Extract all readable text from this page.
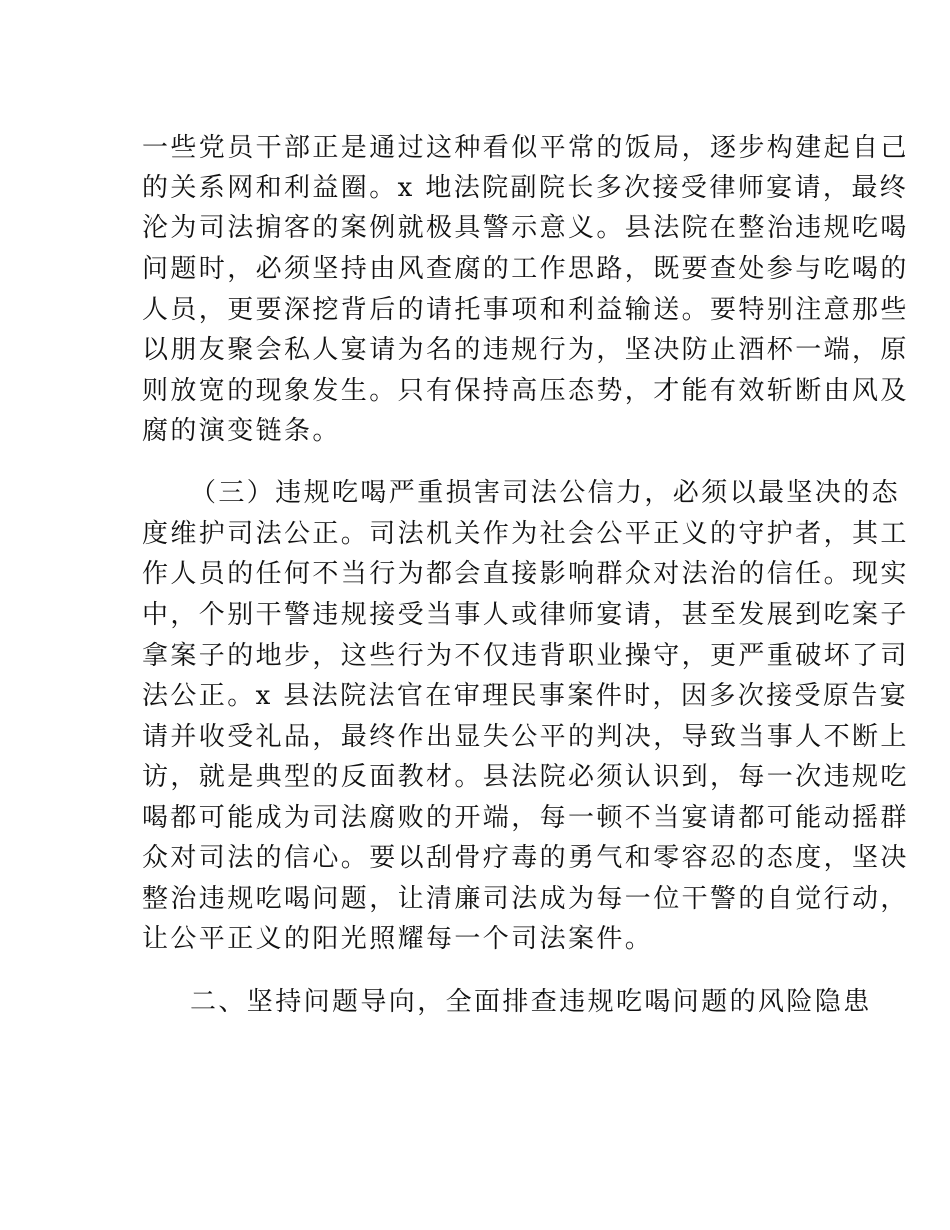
一些党员干部正是通过这种看似平常的饭局，逐步构建起自己
的关系网和利益圈。x 地法院副院长多次接受律师宴请，最终
沦为司法掮客的案例就极具警示意义。县法院在整治违规吃喝
问题时，必须坚持由风查腐的工作思路，既要查处参与吃喝的
人员，更要深挖背后的请托事项和利益输送。要特别注意那些
以朋友聚会私人宴请为名的违规行为，坚决防止酒杯一端，原
则放宽的现象发生。只有保持高压态势，才能有效斩断由风及
腐的演变链条。
（三）违规吃喝严重损害司法公信力，必须以最坚决的态
度维护司法公正。司法机关作为社会公平正义的守护者，其工
作人员的任何不当行为都会直接影响群众对法治的信任。现实
中，个别干警违规接受当事人或律师宴请，甚至发展到吃案子
拿案子的地步，这些行为不仅违背职业操守，更严重破坏了司
法公正。x 县法院法官在审理民事案件时，因多次接受原告宴
请并收受礼品，最终作出显失公平的判决，导致当事人不断上
访，就是典型的反面教材。县法院必须认识到，每一次违规吃
喝都可能成为司法腐败的开端，每一顿不当宴请都可能动摇群
众对司法的信心。要以刮骨疗毒的勇气和零容忍的态度，坚决
整治违规吃喝问题，让清廉司法成为每一位干警的自觉行动，
让公平正义的阳光照耀每一个司法案件。
二、坚持问题导向，全面排查违规吃喝问题的风险隐患
